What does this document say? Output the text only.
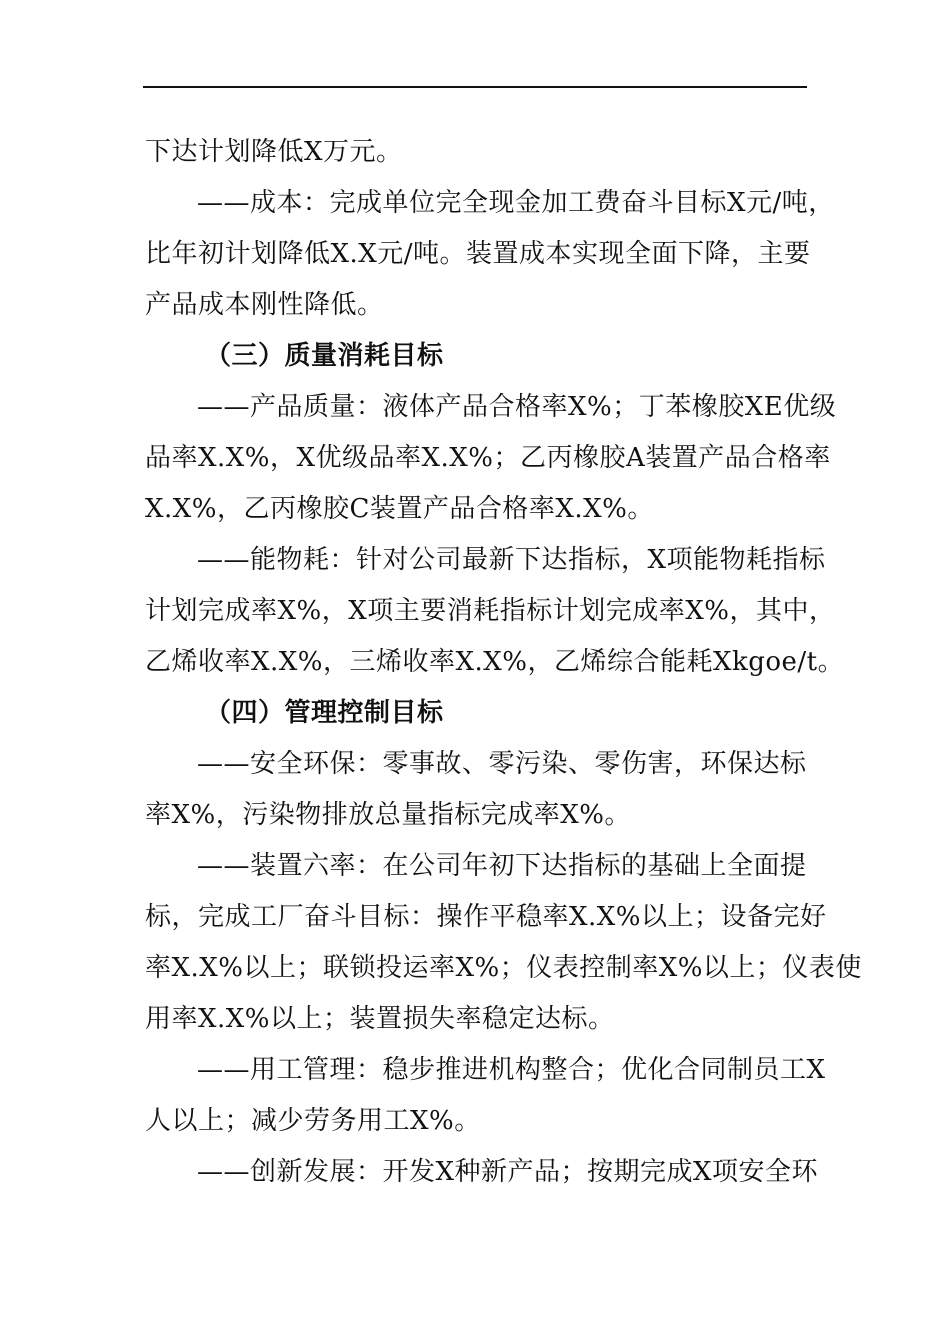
下达计划降低X万元。
——成本：完成单位完全现金加工费奋斗目标X元/吨，
比年初计划降低X.X元/吨。装置成本实现全面下降，主要
产品成本刚性降低。
（三）质量消耗目标
——产品质量：液体产品合格率X%；丁苯橡胶XE优级
品率X.X%，X优级品率X.X%；乙丙橡胶A装置产品合格率
X.X%，乙丙橡胶C装置产品合格率X.X%。
——能物耗：针对公司最新下达指标，X项能物耗指标
计划完成率X%，X项主要消耗指标计划完成率X%，其中，
乙烯收率X.X%，三烯收率X.X%，乙烯综合能耗Xkgoe/t。
（四）管理控制目标
——安全环保：零事故、零污染、零伤害，环保达标
率X%，污染物排放总量指标完成率X%。
——装置六率：在公司年初下达指标的基础上全面提
标，完成工厂奋斗目标：操作平稳率X.X%以上；设备完好
率X.X%以上；联锁投运率X%；仪表控制率X%以上；仪表使
用率X.X%以上；装置损失率稳定达标。
——用工管理：稳步推进机构整合；优化合同制员工X
人以上；减少劳务用工X%。
——创新发展：开发X种新产品；按期完成X项安全环
